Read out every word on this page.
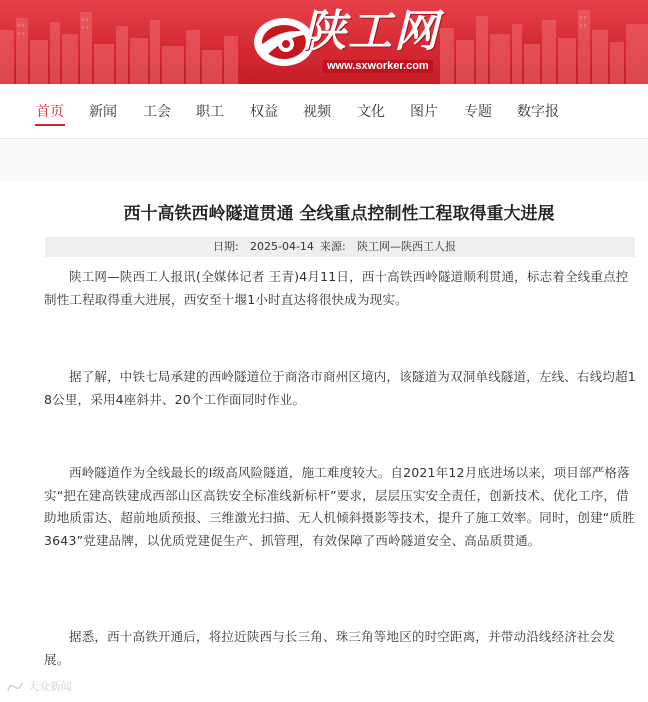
陕工网
www.sxworker.com
首页 新闻 工会 职工 权益 视频 文化 图片 专题 数字报
西十高铁西岭隧道贯通 全线重点控制性工程取得重大进展
日期: 2025-04-14 来源: 陕工网—陕西工人报
陕工网—陕西工人报讯(全媒体记者 王青)4月11日，西十高铁西岭隧道顺利贯通，标志着全线重点控制性工程取得重大进展，西安至十堰1小时直达将很快成为现实。
据了解，中铁七局承建的西岭隧道位于商洛市商州区境内，该隧道为双洞单线隧道，左线、右线均超18公里，采用4座斜井、20个工作面同时作业。
西岭隧道作为全线最长的I级高风险隧道，施工难度较大。自2021年12月底进场以来，项目部严格落实“把在建高铁建成西部山区高铁安全标准线新标杆”要求，层层压实安全责任，创新技术、优化工序，借助地质雷达、超前地质预报、三维激光扫描、无人机倾斜摄影等技术，提升了施工效率。同时，创建“质胜3643”党建品牌，以优质党建促生产、抓管理，有效保障了西岭隧道安全、高品质贯通。
据悉，西十高铁开通后，将拉近陕西与长三角、珠三角等地区的时空距离，并带动沿线经济社会发展。
大众新闻
